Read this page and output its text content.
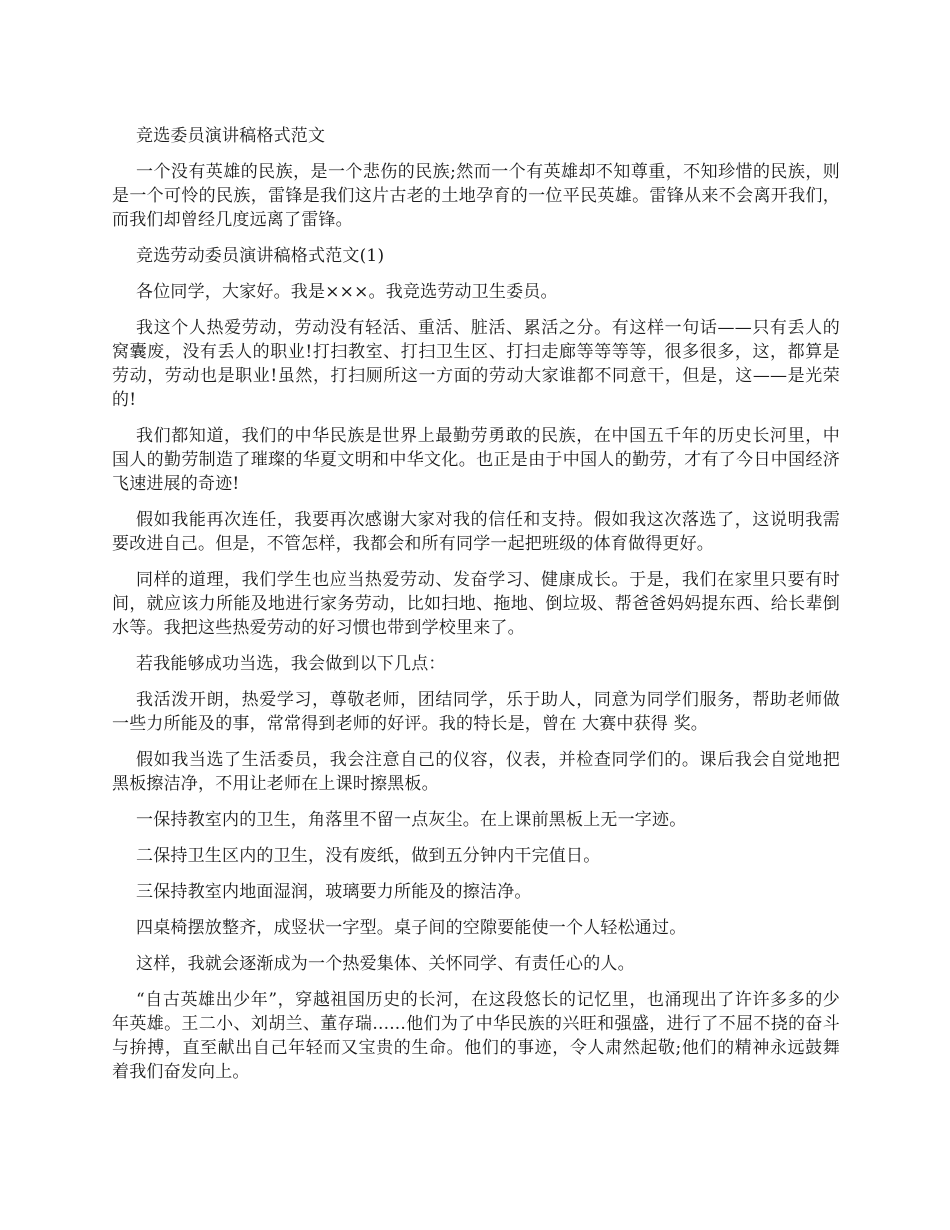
竞选委员演讲稿格式范文

一个没有英雄的民族，是一个悲伤的民族;然而一个有英雄却不知尊重，不知珍惜的民族，则是一个可怜的民族，雷锋是我们这片古老的土地孕育的一位平民英雄。雷锋从来不会离开我们，而我们却曾经几度远离了雷锋。

竞选劳动委员演讲稿格式范文(1)

各位同学，大家好。我是×××。我竞选劳动卫生委员。

我这个人热爱劳动，劳动没有轻活、重活、脏活、累活之分。有这样一句话——只有丢人的窝囊废，没有丢人的职业!打扫教室、打扫卫生区、打扫走廊等等等等，很多很多，这，都算是劳动，劳动也是职业!虽然，打扫厕所这一方面的劳动大家谁都不同意干，但是，这——是光荣的!

我们都知道，我们的中华民族是世界上最勤劳勇敢的民族，在中国五千年的历史长河里，中国人的勤劳制造了璀璨的华夏文明和中华文化。也正是由于中国人的勤劳，才有了今日中国经济飞速进展的奇迹!

假如我能再次连任，我要再次感谢大家对我的信任和支持。假如我这次落选了，这说明我需要改进自己。但是，不管怎样，我都会和所有同学一起把班级的体育做得更好。

同样的道理，我们学生也应当热爱劳动、发奋学习、健康成长。于是，我们在家里只要有时间，就应该力所能及地进行家务劳动，比如扫地、拖地、倒垃圾、帮爸爸妈妈提东西、给长辈倒水等。我把这些热爱劳动的好习惯也带到学校里来了。

若我能够成功当选，我会做到以下几点：

我活泼开朗，热爱学习，尊敬老师，团结同学，乐于助人，同意为同学们服务，帮助老师做一些力所能及的事，常常得到老师的好评。我的特长是，曾在 大赛中获得 奖。

假如我当选了生活委员，我会注意自己的仪容，仪表，并检查同学们的。课后我会自觉地把黑板擦洁净，不用让老师在上课时擦黑板。

一保持教室内的卫生，角落里不留一点灰尘。在上课前黑板上无一字迹。

二保持卫生区内的卫生，没有废纸，做到五分钟内干完值日。

三保持教室内地面湿润，玻璃要力所能及的擦洁净。

四桌椅摆放整齐，成竖状一字型。桌子间的空隙要能使一个人轻松通过。

这样，我就会逐渐成为一个热爱集体、关怀同学、有责任心的人。

“自古英雄出少年”，穿越祖国历史的长河，在这段悠长的记忆里，也涌现出了许许多多的少年英雄。王二小、刘胡兰、董存瑞......他们为了中华民族的兴旺和强盛，进行了不屈不挠的奋斗与拚搏，直至献出自己年轻而又宝贵的生命。他们的事迹，令人肃然起敬;他们的精神永远鼓舞着我们奋发向上。
